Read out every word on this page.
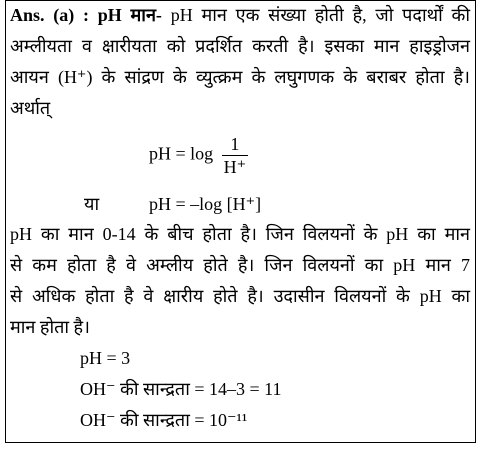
Ans. (a) : pH मान- pH मान एक संख्या होती है, जो पदार्थों की
अम्लीयता व क्षारीयता को प्रदर्शित करती है। इसका मान हाइड्रोजन
आयन (H⁺) के सांद्रण के व्युत्क्रम के लघुगणक के बराबर होता है।
अर्थात्
pH = $\log \frac{1}{H^+}$
या	pH = –log [H⁺]
pH का मान 0-14 के बीच होता है। जिन विलयनों के pH का मान
से कम होता है वे अम्लीय होते है। जिन विलयनों का pH मान 7
से अधिक होता है वे क्षारीय होते है। उदासीन विलयनों के pH का
मान होता है।
pH = 3
OH⁻ की सान्द्रता = 14–3 = 11
OH⁻ की सान्द्रता = 10⁻¹¹
